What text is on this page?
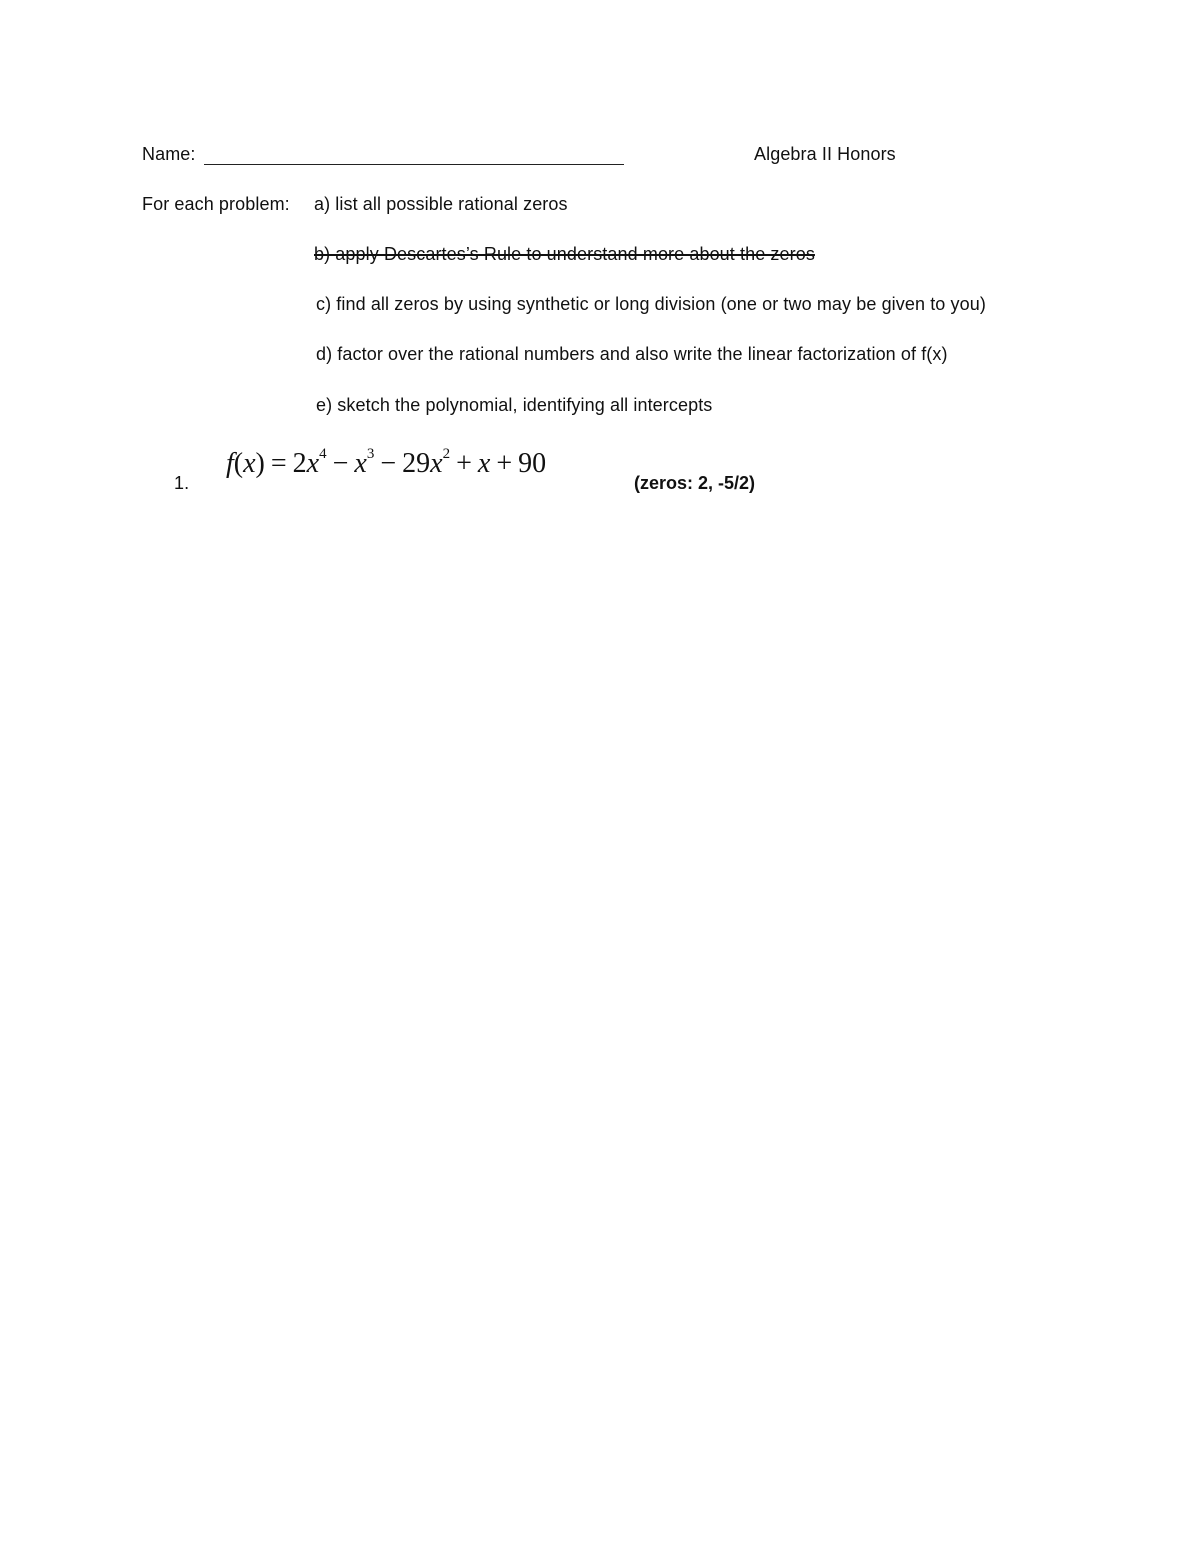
Name:	Algebra II Honors
For each problem: a) list all possible rational zeros
b) apply Descartes’s Rule to understand more about the zeros
c) find all zeros by using synthetic or long division (one or two may be given to you)
d) factor over the rational numbers and also write the linear factorization of f(x)
e) sketch the polynomial, identifying all intercepts
1.
$f(x) = 2x^4 - x^3 - 29x^2 + x + 90$
(zeros: 2, -5/2)
